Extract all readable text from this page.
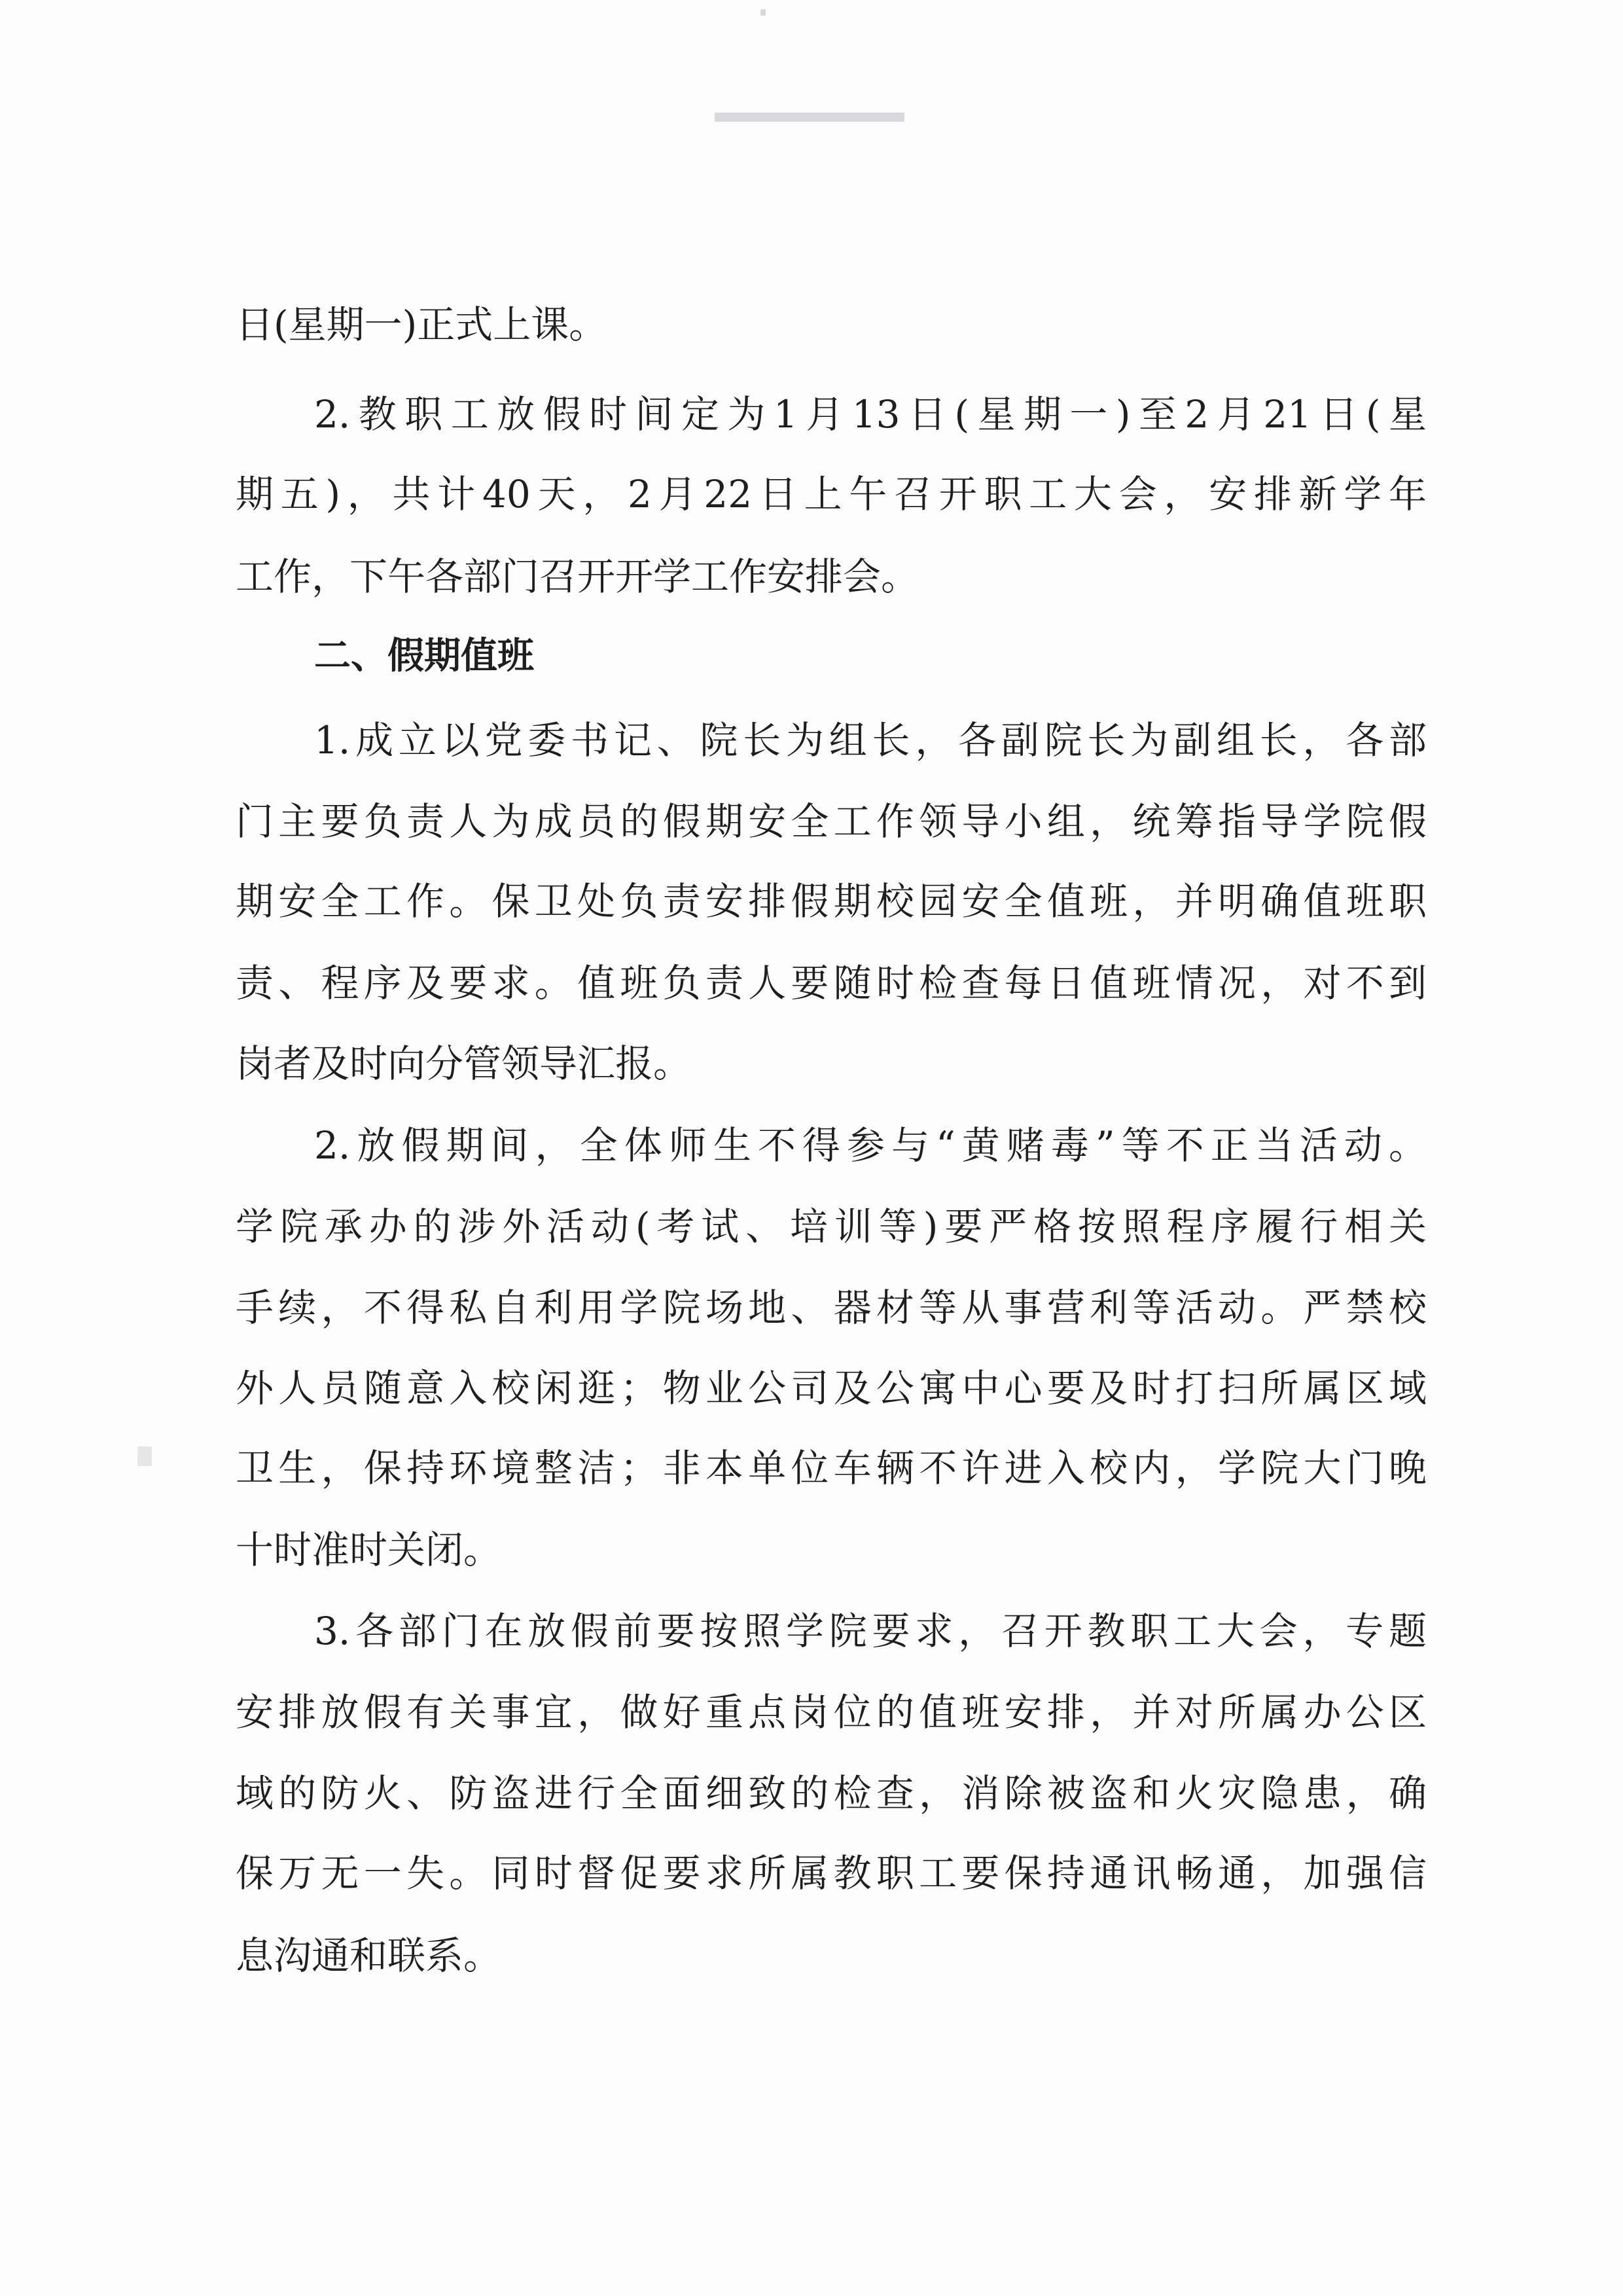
日(星期一)正式上课。
2.教职工放假时间定为1月13日(星期一)至2月21日(星
期五)，共计40天，2月22日上午召开职工大会，安排新学年
工作，下午各部门召开开学工作安排会。
二、假期值班
1.成立以党委书记、院长为组长，各副院长为副组长，各部
门主要负责人为成员的假期安全工作领导小组，统筹指导学院假
期安全工作。保卫处负责安排假期校园安全值班，并明确值班职
责、程序及要求。值班负责人要随时检查每日值班情况，对不到
岗者及时向分管领导汇报。
2.放假期间，全体师生不得参与“黄赌毒”等不正当活动。
学院承办的涉外活动(考试、培训等)要严格按照程序履行相关
手续，不得私自利用学院场地、器材等从事营利等活动。严禁校
外人员随意入校闲逛；物业公司及公寓中心要及时打扫所属区域
卫生，保持环境整洁；非本单位车辆不许进入校内，学院大门晚
十时准时关闭。
3.各部门在放假前要按照学院要求，召开教职工大会，专题
安排放假有关事宜，做好重点岗位的值班安排，并对所属办公区
域的防火、防盗进行全面细致的检查，消除被盗和火灾隐患，确
保万无一失。同时督促要求所属教职工要保持通讯畅通，加强信
息沟通和联系。
